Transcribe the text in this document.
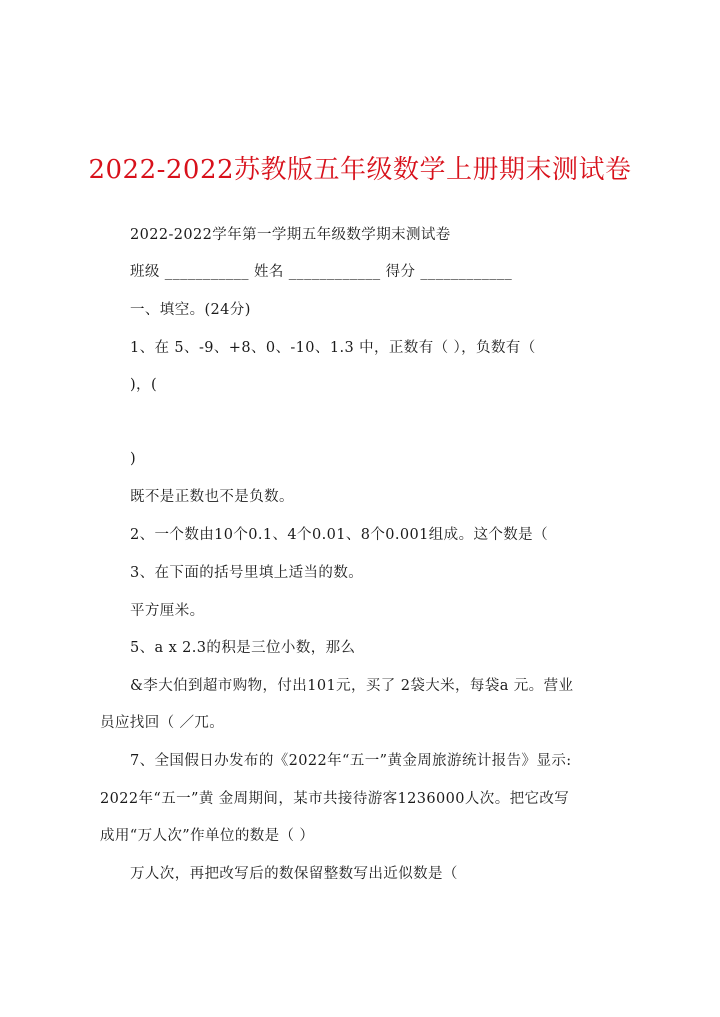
2022-2022苏教版五年级数学上册期末测试卷
2022-2022学年第一学期五年级数学期末测试卷
班级 ___________ 姓名 ____________ 得分 ____________
一、填空。(24分)
1、在 5、-9、+8、0、-10、1.3 中，正数有（ ），负数有（
)，(
)
既不是正数也不是负数。
2、一个数由10个0.1、4个0.01、8个0.001组成。这个数是（
3、在下面的括号里填上适当的数。
平方厘米。
5、a x 2.3的积是三位小数，那么
&李大伯到超市购物，付出101元，买了 2袋大米，每袋a 元。营业
员应找回（ ／兀。
7、全国假日办发布的《2022年“五一”黄金周旅游统计报告》显示:
2022年“五一”黄 金周期间，某市共接待游客1236000人次。把它改写
成用“万人次”作单位的数是（ ）
万人次，再把改写后的数保留整数写出近似数是（
